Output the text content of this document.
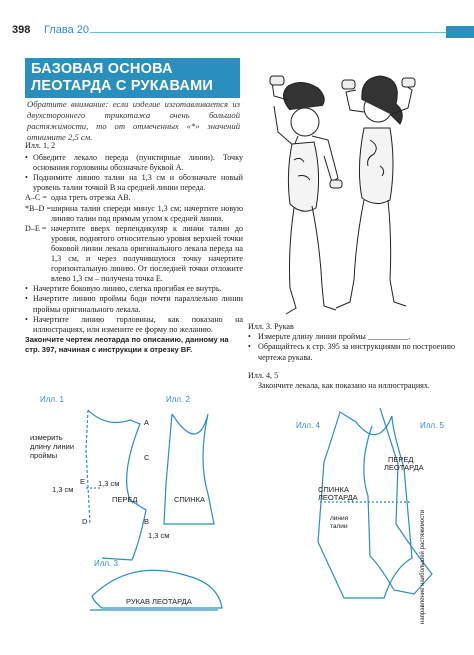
398 Глава 20
БАЗОВАЯ ОСНОВА
ЛЕОТАРДА С РУКАВАМИ
Обратите внимание: если изделие изготавливается из двухстороннего трикотажа очень большой растяжимости, то от отмеченных «*» значений отнимите 2,5 см.
Илл. 1, 2
• Обведите лекало переда (пунктирные линии). Точку основания горловины обозначьте буквой А.
• Поднимите линию талии на 1,3 см и обозначьте новый уровень талии точкой В на средней линии переда.
А–С = одна треть отрезка АВ.
*В–D = ширина талии спереди минус 1,3 см; начертите новую линию талии под прямым углом к средней линии.
D–Е = начертите вверх перпендикуляр к линии талии до уровня, поднятого относительно уровня верхней точки боковой линии лекала оригинального лекала переда на 1,3 см, и через получившуюся точку начертите горизонтальную линию. От последней точки отложите влево 1,3 см – получена точка Е.
• Начертите боковую линию, слегка прогибая ее внутрь.
• Начертите линию проймы боди почти параллельно линии проймы оригинального лекала.
• Начертите линию горловины, как показано на иллюстрациях, или измените ее форму по желанию.
Закончите чертеж леотарда по описанию, данному на стр. 397, начиная с инструкции к отрезку BF.
Илл. 3. Рукав
• Измерьте длину линии проймы __________.
• Обращайтесь к стр. 395 за инструкциями по построению чертежа рукава.
Илл. 4, 5
Закончите лекала, как показано на иллюстрациях.
Илл. 1	Илл. 2
Илл. 3
Илл. 4	Илл. 5
измерить
длину линии
проймы
A
C
E
D	B
1,3 см
1,3 см
1,3 см
ПЕРЕД	СПИНКА
РУКАВ ЛЕОТАРДА
СПИНКА
ЛЕОТАРДА
линия
талии
ПЕРЕД
ЛЕОТАРДА
направление наибольшей растяжимости
